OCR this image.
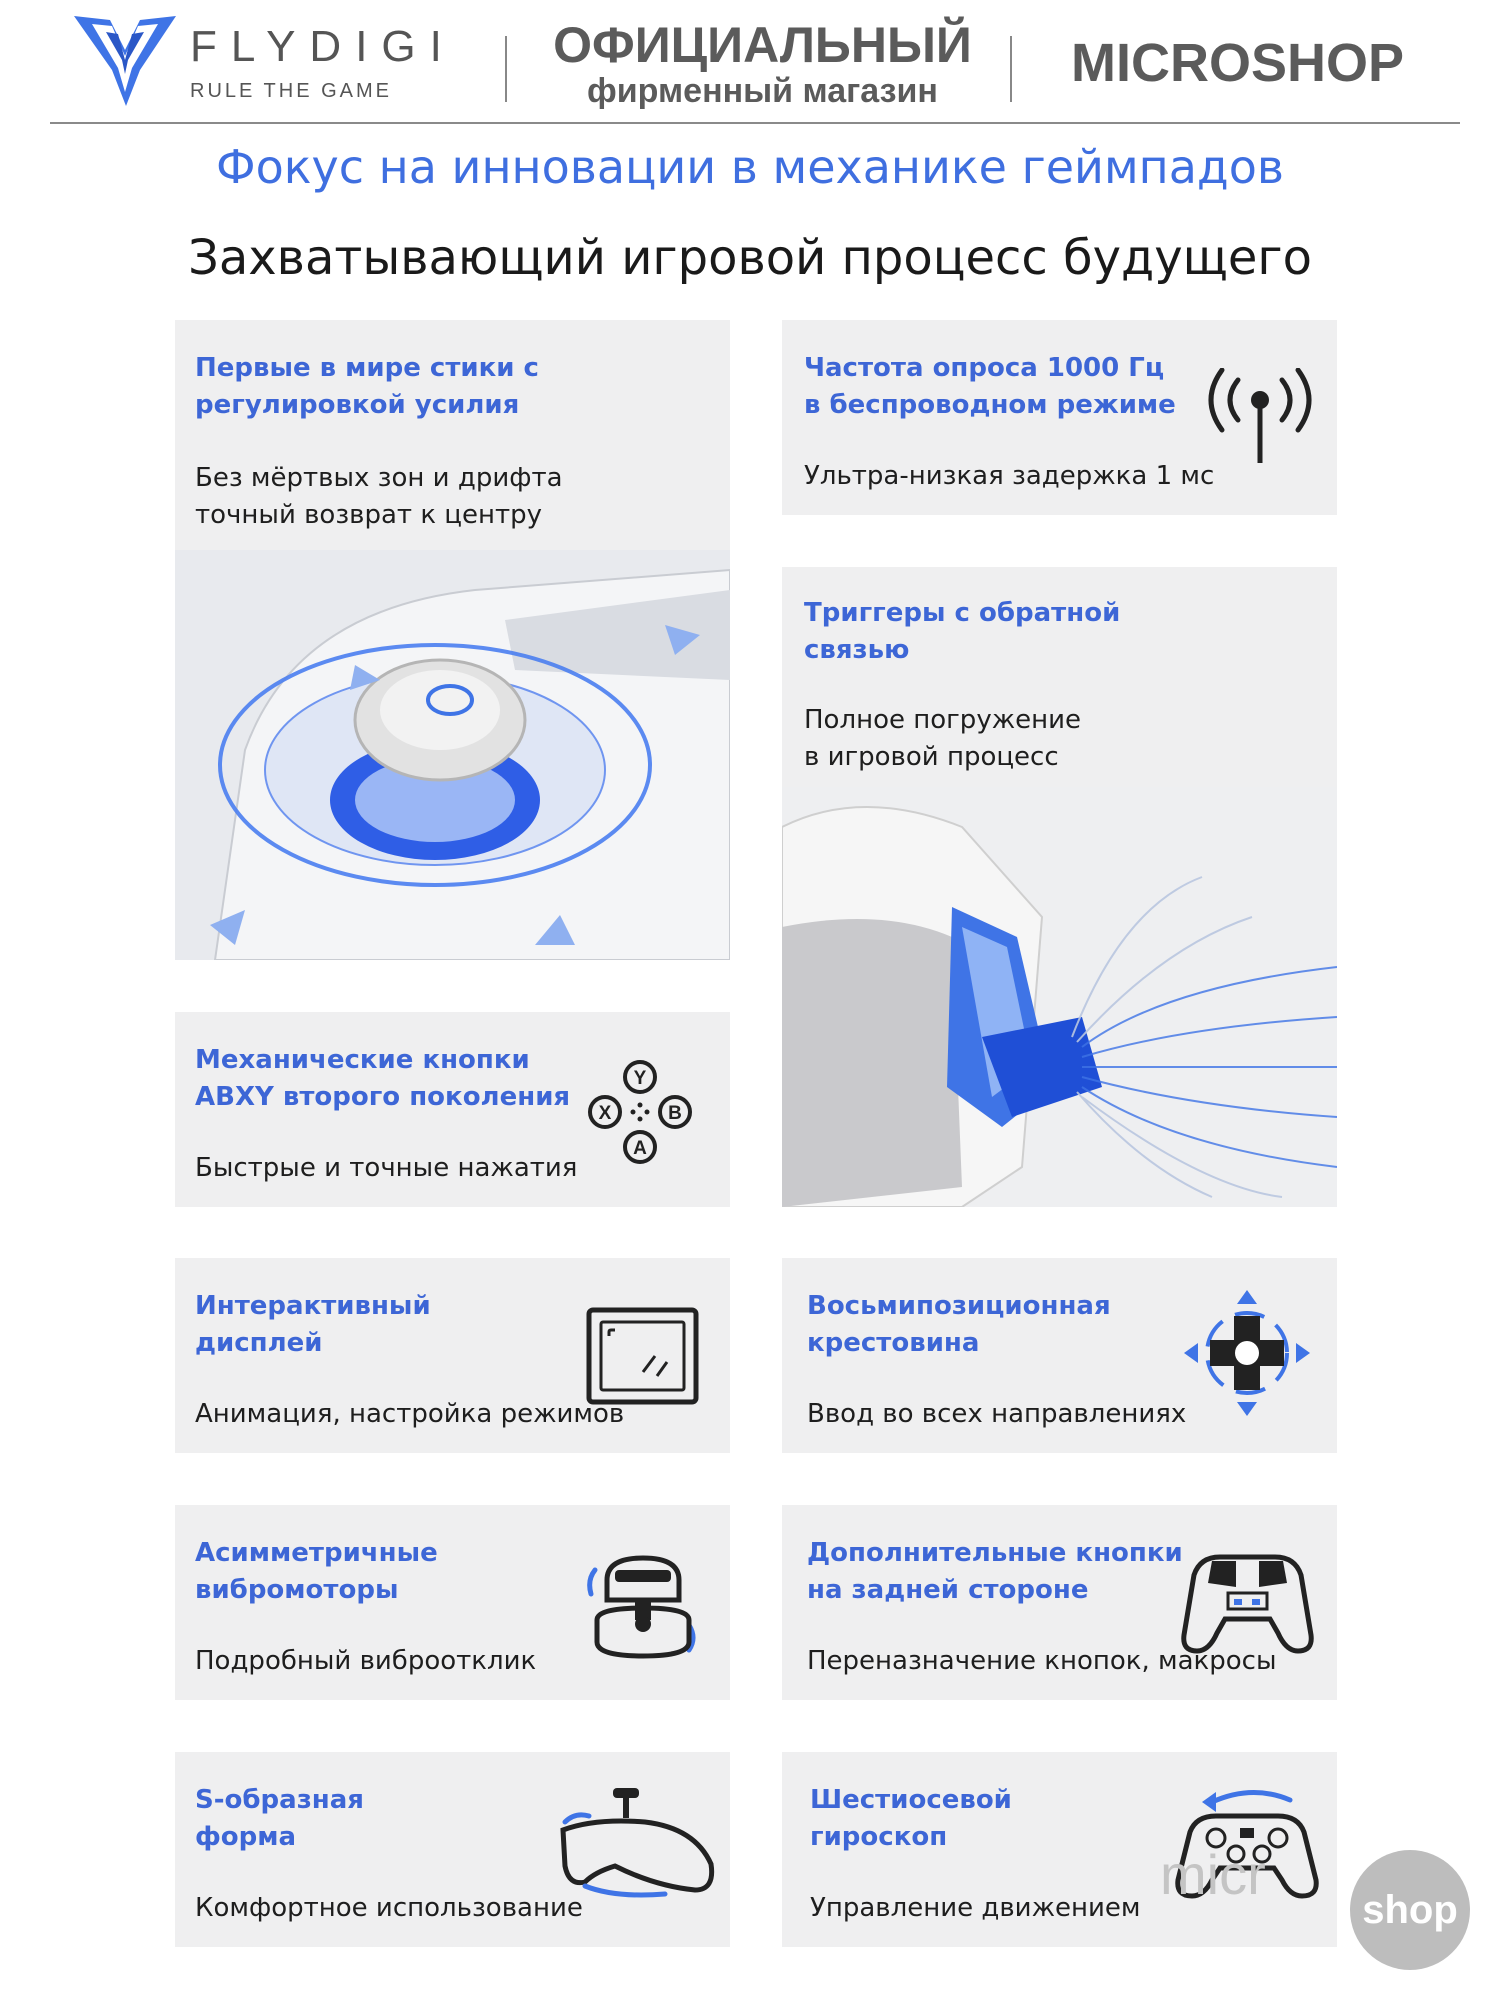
FLYDIGI
RULE THE GAME
ОФИЦИАЛЬНЫЙ
фирменный магазин	MICROSHOP
Фокус на инновации в механике геймпадов
Захватывающий игровой процесс будущего
Первые в мире стики с
регулировкой усилия
Без мёртвых зон и дрифта
точный возврат к центру
Частота опроса 1000 Гц
в беспроводном режиме
Ультра-низкая задержка 1 мс
Триггеры с обратной
связью
Полное погружение
в игровой процесс
Механические кнопки
ABXY второго поколения
Быстрые и точные нажатия
Y
X	B
A
Интерактивный
дисплей
Анимация, настройка режимов
Восьмипозиционная
крестовина
Ввод во всех направлениях
Асимметричные
вибромоторы
Подробный виброотклик
Дополнительные кнопки
на задней стороне
Переназначение кнопок, макросы
S-образная
форма
Комфортное использование
Шестиосевой
гироскоп
Управление движением
micr
shop
